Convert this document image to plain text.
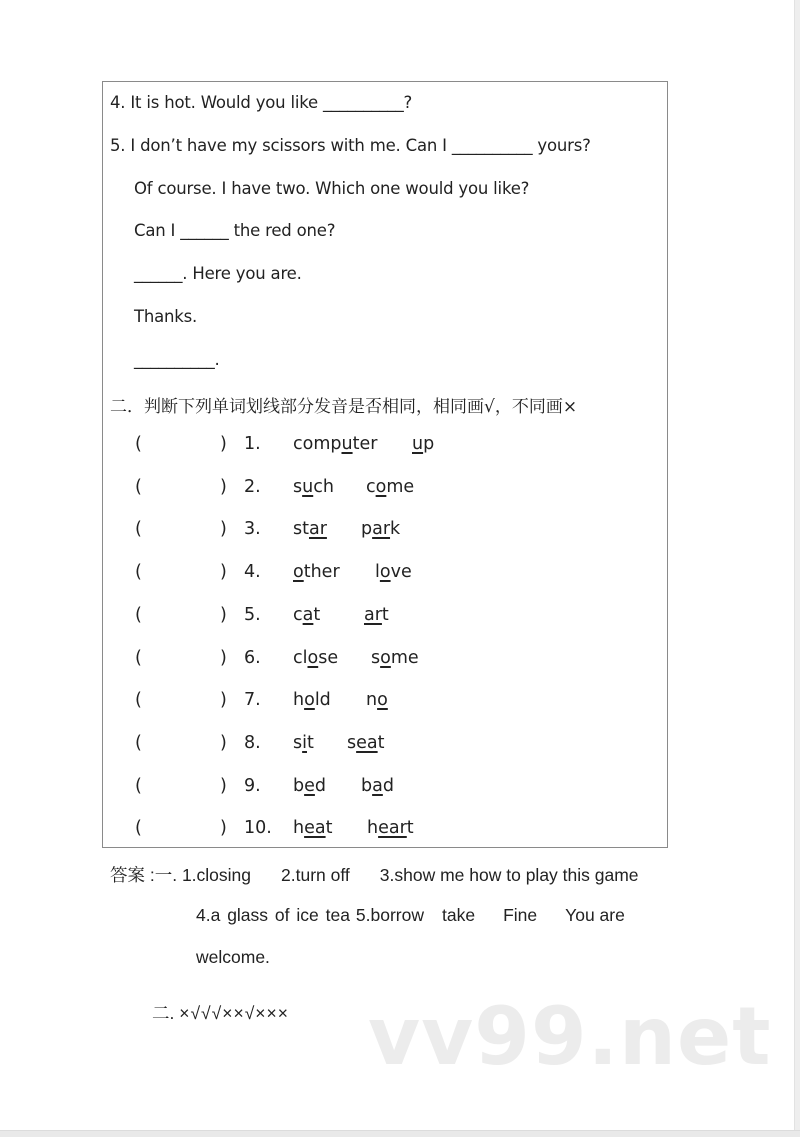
4. It is hot. Would you like __________?
5. I don’t have my scissors with me. Can I __________ yours?
Of course. I have two. Which one would you like?
Can I ______ the red one?
______. Here you are.
Thanks.
__________.
二．判断下列单词划线部分发音是否相同，相同画√，不同画×
(	) 1. computer up
(	) 2. such come
(	) 3. star park
(	) 4. other love
(	) 5. cat	art
(	) 6. close some
(	) 7. hold no
(	) 8. sit seat
(	) 9. bed bad
(	) 10. heat heart
答案 :一. 1.closing 2.turn off 3.show me how to play this game
4.a glass of ice tea 5.borrow take Fine You are
welcome.
二. ×√√√××√××× vv99.net
